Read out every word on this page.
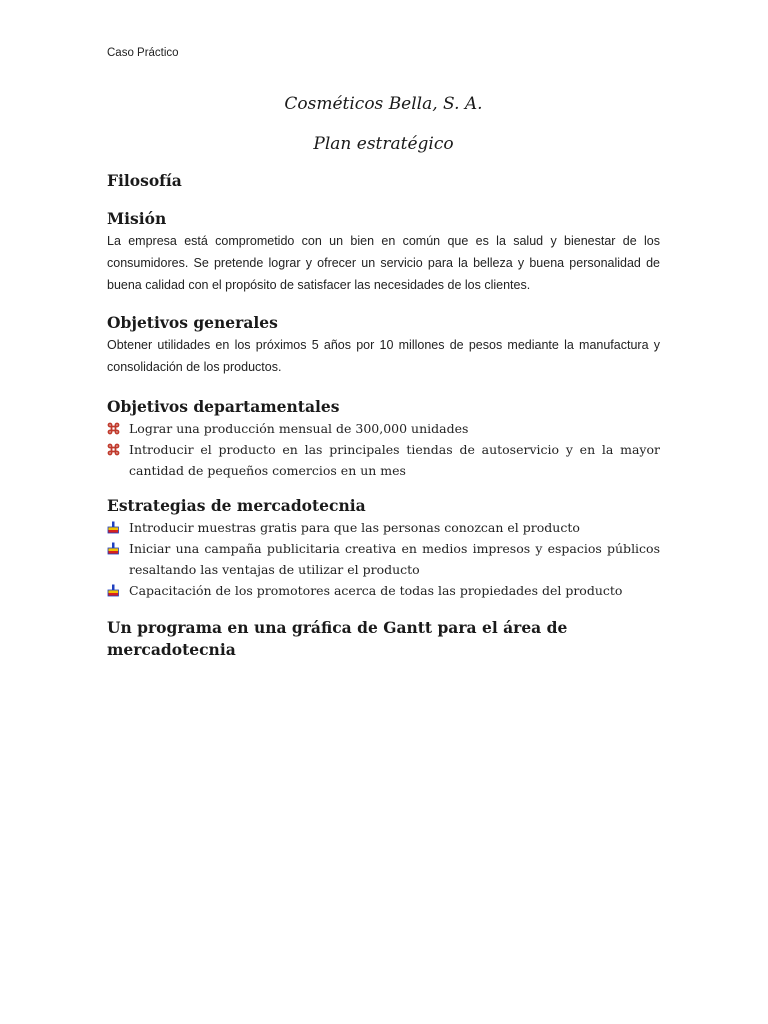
Caso Práctico

Cosméticos Bella, S. A.

Plan estratégico

Filosofía
Misión

La empresa está comprometido con un bien en común que es la salud y bienestar de los consumidores. Se pretende lograr y ofrecer un servicio para la belleza y buena personalidad de buena calidad con el propósito de satisfacer las necesidades de los clientes.

Objetivos generales

Obtener utilidades en los próximos 5 años por 10 millones de pesos mediante la manufactura y consolidación de los productos.

Objetivos departamentales
Lograr una producción mensual de 300,000 unidades
Introducir el producto en las principales tiendas de autoservicio y en la mayor cantidad de pequeños comercios en un mes
Estrategias de mercadotecnia
Introducir muestras gratis para que las personas conozcan el producto
Iniciar una campaña publicitaria creativa en medios impresos y espacios públicos resaltando las ventajas de utilizar el producto
Capacitación de los promotores acerca de todas las propiedades del producto
Un programa en una gráfica de Gantt para el área de mercadotecnia
